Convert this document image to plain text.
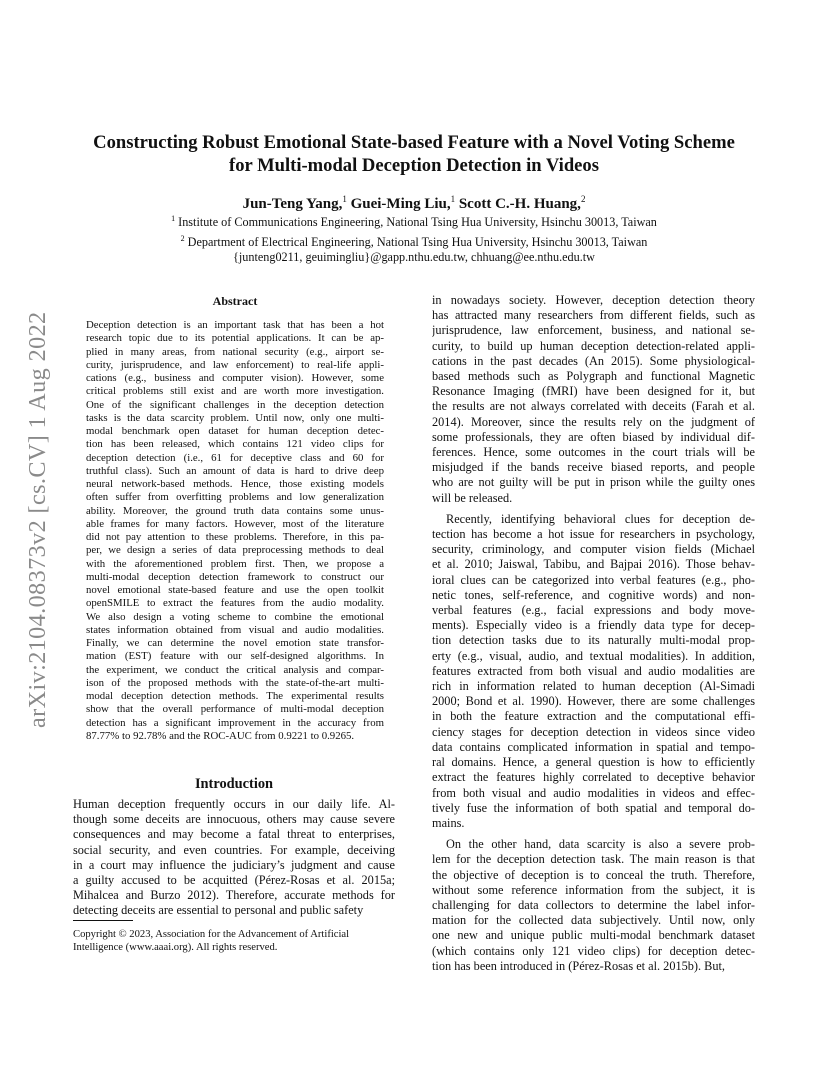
arXiv:2104.08373v2 [cs.CV] 1 Aug 2022
Constructing Robust Emotional State-based Feature with a Novel Voting Scheme
for Multi-modal Deception Detection in Videos
Jun-Teng Yang,$^1$ Guei-Ming Liu,$^1$ Scott C.-H. Huang,$^2$
$^1$ Institute of Communications Engineering, National Tsing Hua University, Hsinchu 30013, Taiwan
$^2$ Department of Electrical Engineering, National Tsing Hua University, Hsinchu 30013, Taiwan
{junteng0211, geuimingliu}@gapp.nthu.edu.tw, chhuang@ee.nthu.edu.tw
Abstract
Deception detection is an important task that has been a hot
research topic due to its potential applications. It can be ap-
plied in many areas, from national security (e.g., airport se-
curity, jurisprudence, and law enforcement) to real-life appli-
cations (e.g., business and computer vision). However, some
critical problems still exist and are worth more investigation.
One of the significant challenges in the deception detection
tasks is the data scarcity problem. Until now, only one multi-
modal benchmark open dataset for human deception detec-
tion has been released, which contains 121 video clips for
deception detection (i.e., 61 for deceptive class and 60 for
truthful class). Such an amount of data is hard to drive deep
neural network-based methods. Hence, those existing models
often suffer from overfitting problems and low generalization
ability. Moreover, the ground truth data contains some unus-
able frames for many factors. However, most of the literature
did not pay attention to these problems. Therefore, in this pa-
per, we design a series of data preprocessing methods to deal
with the aforementioned problem first. Then, we propose a
multi-modal deception detection framework to construct our
novel emotional state-based feature and use the open toolkit
openSMILE to extract the features from the audio modality.
We also design a voting scheme to combine the emotional
states information obtained from visual and audio modalities.
Finally, we can determine the novel emotion state transfor-
mation (EST) feature with our self-designed algorithms. In
the experiment, we conduct the critical analysis and compar-
ison of the proposed methods with the state-of-the-art multi-
modal deception detection methods. The experimental results
show that the overall performance of multi-modal deception
detection has a significant improvement in the accuracy from
87.77% to 92.78% and the ROC-AUC from 0.9221 to 0.9265.
Introduction
Human deception frequently occurs in our daily life. Al-
though some deceits are innocuous, others may cause severe
consequences and may become a fatal threat to enterprises,
social security, and even countries. For example, deceiving
in a court may influence the judiciary’s judgment and cause
a guilty accused to be acquitted (Pérez-Rosas et al. 2015a;
Mihalcea and Burzo 2012). Therefore, accurate methods for
detecting deceits are essential to personal and public safety
Copyright © 2023, Association for the Advancement of Artificial
Intelligence (www.aaai.org). All rights reserved.
in nowadays society. However, deception detection theory
has attracted many researchers from different fields, such as
jurisprudence, law enforcement, business, and national se-
curity, to build up human deception detection-related appli-
cations in the past decades (An 2015). Some physiological-
based methods such as Polygraph and functional Magnetic
Resonance Imaging (fMRI) have been designed for it, but
the results are not always correlated with deceits (Farah et al.
2014). Moreover, since the results rely on the judgment of
some professionals, they are often biased by individual dif-
ferences. Hence, some outcomes in the court trials will be
misjudged if the bands receive biased reports, and people
who are not guilty will be put in prison while the guilty ones
will be released.
Recently, identifying behavioral clues for deception de-
tection has become a hot issue for researchers in psychology,
security, criminology, and computer vision fields (Michael
et al. 2010; Jaiswal, Tabibu, and Bajpai 2016). Those behav-
ioral clues can be categorized into verbal features (e.g., pho-
netic tones, self-reference, and cognitive words) and non-
verbal features (e.g., facial expressions and body move-
ments). Especially video is a friendly data type for decep-
tion detection tasks due to its naturally multi-modal prop-
erty (e.g., visual, audio, and textual modalities). In addition,
features extracted from both visual and audio modalities are
rich in information related to human deception (Al-Simadi
2000; Bond et al. 1990). However, there are some challenges
in both the feature extraction and the computational effi-
ciency stages for deception detection in videos since video
data contains complicated information in spatial and tempo-
ral domains. Hence, a general question is how to efficiently
extract the features highly correlated to deceptive behavior
from both visual and audio modalities in videos and effec-
tively fuse the information of both spatial and temporal do-
mains.
On the other hand, data scarcity is also a severe prob-
lem for the deception detection task. The main reason is that
the objective of deception is to conceal the truth. Therefore,
without some reference information from the subject, it is
challenging for data collectors to determine the label infor-
mation for the collected data subjectively. Until now, only
one new and unique public multi-modal benchmark dataset
(which contains only 121 video clips) for deception detec-
tion has been introduced in (Pérez-Rosas et al. 2015b). But,
